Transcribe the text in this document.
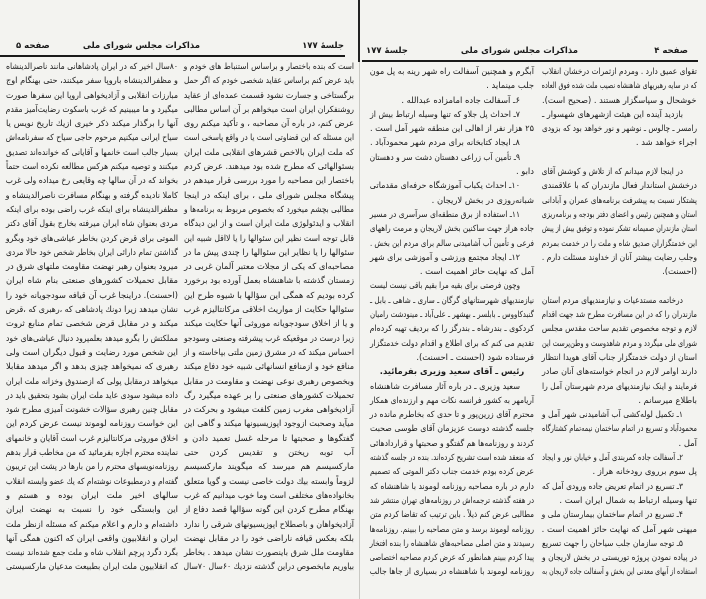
جلسهٔ ۱۷۷
مذاکرات مجلس شورای ملی
صفحه ۵	صفحه ۴
مذاکرات مجلس شورای ملی
جلسهٔ ۱۷۷
است که بنده باختصار و براساس استنباط های خودم و
باید عرض کنم براساس عقاید شخصی خودم که اگر حمل
برگستاخی و جسارت نشود قسمت عمده‌ای از عقاید
روشنفکران ایران است میخواهم بر آن اساس مطالبی
عرض کنم، در باره آن مصاحبه ، و تأکید میکنم روی
این مسئله که این قضاوتی است یا در واقع پاسخی است
که ملت ایران بالاخص قشرهای انقلابی ملت ایران
بسئوالهائی که مطرح شده بود میدهند. عرض کردم
باختصار این مصاحبه را مورد بررسی قرار میدهم در
پیشگاه مجلس شورای ملی ، برای اینکه در اینجا
مطالبی بچشم میخورد که بخصوص مربوط به برنامه‌ها و
انقلاب و ایدئولوژی ملت ایران است و از این دیدگاه
قابل توجه است نظیر این سئوالها را یا لااقل شبیه این
سئوالها را یا نظایر این سئوالها را چندی پیش ما در
مصاحبه‌ای که یکی از مجلات معتبر آلمان غربی در
زمستان گذشته با شاهنشاه بعمل آورده بود برخورد
کرده بودیم که همگی این سؤالها با شیوه طرح این
سئوالها حکایت از مواریث اخلاقی مرکانتالیزم غرب
و یا از اخلاق سودجویانه موروثی آنها حکایت میکند
زیرا درست در موقعیکه غرب پیشرفته وصنعتی وسودجو
احساس میکند که در مشرق زمین ملتی بپاخاسته و از
منافع خود و ازمنافع انسانهائی شبیه خود دفاع میکند
وبخصوص رهبری نوعی نهضت و مقاومت در مقابل
تحمیلات کشورهای صنعتی را بر عهده میگیرد رگ
آزادیخواهی مغرب زمین کلفت میشود و بحرکت در
میآید وصحبت ازوجود اپوزیسیونها میکند و گاهی این
گفتگوها و صحبتها تا مرحله غسل تعمید دادن و
آب توبه ریختن و تقدیس کردن حتی
مارکسیسم هم میرسد که میگویند مارکسیسم
لزوماً وابسته بیك دولت خاصی نیست و گویا متعلق
بخانواده‌های مختلفی است وما خوب میدانیم که غرب
بهنگام مطرح کردن این گونه سؤالها قصد دفاع از
آزادیخواهان و باصطلاح اپوزیسیونهای شرقی را ندارد
بلکه بعکس قیافه ناراضی خود را در مقابل نهضت
مقاومت ملل شرق باینصورت نشان میدهد . بخاطر
بیاوریم مابخصوص دراین گذشته نزدیك ۶۰سال ۷۰سال
۸۰سال اخیر که در ایران پادشاهانی مانند ناصرالدینشاه
و مظفرالدینشاه باروپا سفر میکنند، حتی بهنگام اوج
مبارزات انقلابی و آزادیخواهی اروپا این سفرها صورت
میگیرد و ما میبینیم که غرب باسکوت رضایت‌آمیز مقدم
آنها را برگذار میکند ذکر خیری ازیك تاریخ نویس یا
سیاح ایرانی میکنیم مرحوم حاجی سیاح که سفرنامه‌اش
بسیار جالب است خانمها و آقایانی که خوانده‌اند تصدیق
میکنند و توصیه میکنم هرکس مطالعه نکرده است حتماً
بخواند که در آن سالها چه وقایعی رخ میداده ولی غرب
کاملا نادیده گرفته و بهنگام مسافرت ناصرالدینشاه و
مظفرالدینشاه برای اینکه غرب راضی بوده برای اینکه
مردی بعنوان شاه ایران میرفته بخارج بقول آقای دکتر
الموتی برای قرض کردن بخاطر عیاشی‌های خود وبگرو
گذاشتن تمام دارائی ایران بخاطر شخص خود حالا مردی
میرود بعنوان رهبر نهضت مقاومت ملتهای شرق در
مقابل تحمیلات کشورهای صنعتی بنام شاه ایران
(احسنت). دراینجا غرب آن قیافه سودجویانه خود را
نشان میدهد زیرا دونك پادشاهی که ،رهبری که ،قرض
میکند و در مقابل قرض شخصی تمام منابع ثروت
مملکتش را بگرو میدهد بعلمپرود دنبال عیاشی‌های خود
این شخص مورد رضایت و قبول دیگران است ولی
رهبری که نمیخواهد چیزی بدهد و اگر میدهد مقابلا
میخواهد درمقابل پولی که ازصندوق وخزانه ملت ایران
داده میشود سودی عاید ملت ایران بشود بتحقیق باید در
مقابل چنین رهبری سؤالات خشونت آمیزی مطرح شود
این خواست روزنامه لوموند نیست عرض کردم این
اخلاق موروثی مرکانتالیزم غرب است آقایان و خانمهای
نماینده محترم اجازه بفرمائید که من مخاطب قرار بدهم
روزنامه‌نویسهای محترم را من بارها در پشت این تریبون
گفته‌ام و درمطبوعات نوشته‌ام که یك عضو وابسته انقلاب
سالهای اخیر ملت ایران بوده و هستم و
این وابستگی خود را نسبت به نهضت ایران
داشته‌ام و دارم و اعلام میکنم که مسئله ازنظر ملت
ایران و انقلابیون واقعی ایران که اکنون همگی آنها
بگرد دگرد پرچم انقلاب شاه و ملت جمع شده‌اند نیست
که انقلابیون ملت ایران بطبیعت مدعیان مارکسیستی
تقوای عمیق دارد . ومردم ازثمرات درخشان انقلاب
که در سایه رهبریهای شاهنشاه نصیب ملت شده فوق العاده
خوشحال و سپاسگزار هستند . (صحیح است).
بازدید آینده این هیئت ازشهرهای شهسوار ـ
رامسر ـ چالوس ـ نوشهر و نور خواهد بود که بزودی
اجراء خواهد شد .
در اینجا لازم میدانم که از تلاش و کوشش آقای
درخشش استاندار فعال مازندران که با علاقمندی
پشتکار نسبت به پیشرفت برنامه‌های عمران و آبادانی
استان و همچنین رئیس و اعضای دفتر بودجه و برنامه‌ریزی
استان مازندران صمیمانه تشکر نموده و توفیق بیش از پیش
این خدمتگزاران صدیق شاه و ملت را در خدمت بمردم
وجلب رضایت بیشتر آنان از خداوند مسئلت دارم .
(احسنت).
درخاتمه مستدعیات و نیازمندیهای مردم استان
مازندران را که در این مسافرت مطرح شد جهت اقدام
لازم و توجه مخصوص تقدیم ساحت مقدس مجلس
شورای ملی میگردد و مردم شاهدوست و وطن‌پرست این
استان از دولت خدمتگزار جناب آقای هویدا انتظار
دارند اوامر لازم در انجام خواسته‌های آنان صادر
فرمایند و اینک نیازمندیهای مردم شهرستان آمل را
باطلاع میرسانم .
۱ـ تکمیل لوله‌کشی آب آشامیدنی شهر آمل و
محمودآباد و تسریع در اتمام ساختمان نیمه‌تمام کشتارگاه
آمل .
۲ـ آسفالت جاده کمربندی آمل و خیابان نور و ایجاد
پل سوم برروی رودخانه هراز .
۳ـ تسریع در اتمام تعریض جاده ورودی آمل که
تنها وسیله ارتباط به شمال ایران است .
۴ـ تسریع در اتمام ساختمان بیمارستان ملی و
میهنی شهر آمل که نهایت حائز اهمیت است .
۵ـ توجه سازمان جلب سیاحان را جهت تسریع
در پیاده نمودن پروژه توریستی در بخش لاریجان و
استفاده از آبهای معدنی این بخش و آسفالت جاده لاریجان به
آبگرم و همچنین آسفالت راه شهر رینه به پل مون
جلب مینماید .
۶ـ آسفالت جاده امامزاده عبدالله .
۷ـ احداث پل جلاو که تنها وسیله ارتباط بیش از
۲۵ هزار نفر از اهالی این منطقه شهر آمل است .
۸ـ ایجاد کتابخانه برای مردم شهر محمودآباد .
۹ـ تأمین آب زراعی دهستان دشت سر و دهستان
دابو .
۱۰ـ احداث یکباب آموزشگاه حرفه‌ای مقدماتی
شبانه‌روزی در بخش لاریجان .
۱۱ـ استفاده از برق منطقه‌ای سرآسری در مسیر
جاده هراز جهت ساکنین بخش لاریجان و مرمت راههای
فرعی و تأمین آب آشامیدنی سالم برای مردم این بخش .
۱۲ـ ایجاد مجتمع ورزشی و آموزشی برای شهر
آمل که نهایت حائز اهمیت است .
وچون فرصتی برای بقیه مرا بقیم باقی نیست لیست
نیازمندیهای شهرستانهای گرگان ـ ساری ـ شاهی ـ بابل ـ
گنبدکاووس ـ بابلسر ـ بهشهر ـ علی‌آباد ـ مینودشت رامیان
کردکوی ـ بندرشاه ـ بندرگز را که بردیف تهیه کرده‌ام
تقدیم می کنم که برای اطلاع و اقدام دولت خدمتگزار
فرستاده شود (احسنت ـ احسنت).
رئیس ـ آقای سعید وزیری بفرمائید.
سعید وزیری ـ در باره آثار مسافرت شاهنشاه
آریامهر به کشور فرانسه نکات مهم و ارزنده‌ای همکار
محترم آقای زرین‌پور و تا حدی که بخاطرم مانده در
جلسه گذشته دوست عزیزمان آقای طوسی صحبت
کردند و روزنامه‌ها هم گفتگو و صحبتها و قراردادهائی
که منعقد شده است تشریح کرده‌اند. بنده در جلسه گذشته
عرض کرده بودم خدمت جناب دکتر الموتی که تصمیم
دارم در باره مصاحبه روزنامه لوموند با شاهنشاه که
در هفته گذشته ترجمه‌اش در روزنامه‌های تهران منتشر شد
مطالبی عرض کنم ذیلاً . باین ترتیب که تقاضا کردم متن
روزنامه لوموند برسد و متن مصاحبه را ببینم. روزنامه‌ها
رسیدند و متن اصلی مصاحبه‌های شاهنشاه را بنده افتخار
پیدا کردم ببینم همانطور که عرض کردم مصاحبه اختصاصی
روزنامه لوموند با شاهنشاه در بسیاری از جاها جالب
